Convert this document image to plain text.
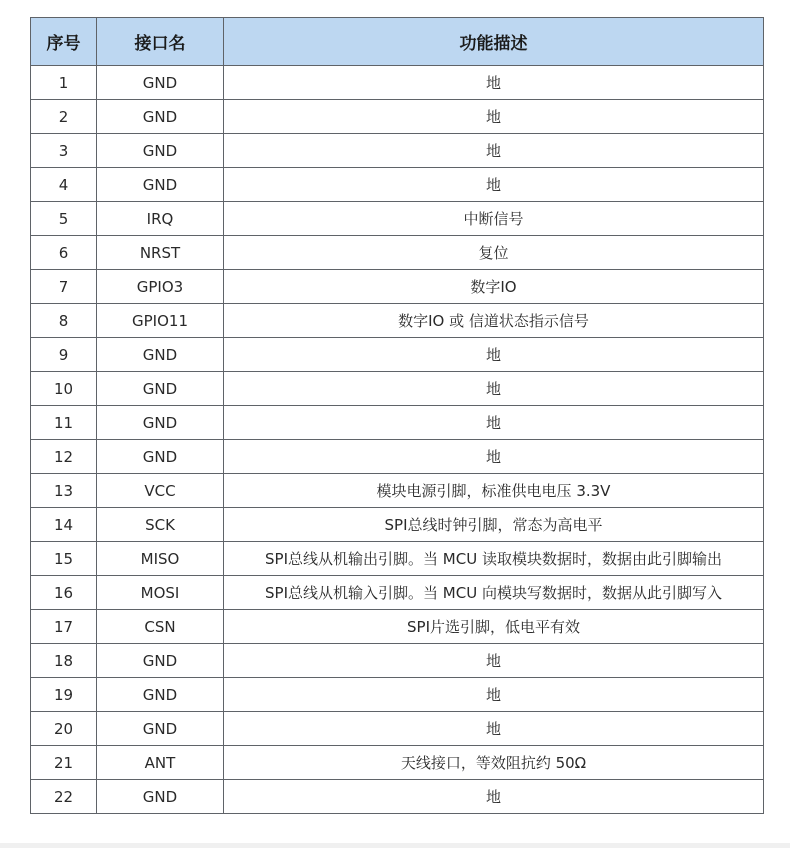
序号	接口名	功能描述
1	GND	地
2	GND	地
3	GND	地
4	GND	地
5	IRQ	中断信号
6	NRST	复位
7	GPIO3	数字IO
8	GPIO11	数字IO 或 信道状态指示信号
9	GND	地
10	GND	地
11	GND	地
12	GND	地
13	VCC	模块电源引脚，标准供电电压 3.3V
14	SCK	SPI总线时钟引脚，常态为高电平
15	MISO	SPI总线从机输出引脚。当 MCU 读取模块数据时，数据由此引脚输出
16	MOSI	SPI总线从机输入引脚。当 MCU 向模块写数据时，数据从此引脚写入
17	CSN	SPI片选引脚，低电平有效
18	GND	地
19	GND	地
20	GND	地
21	ANT	天线接口，等效阻抗约 50Ω
22	GND	地
